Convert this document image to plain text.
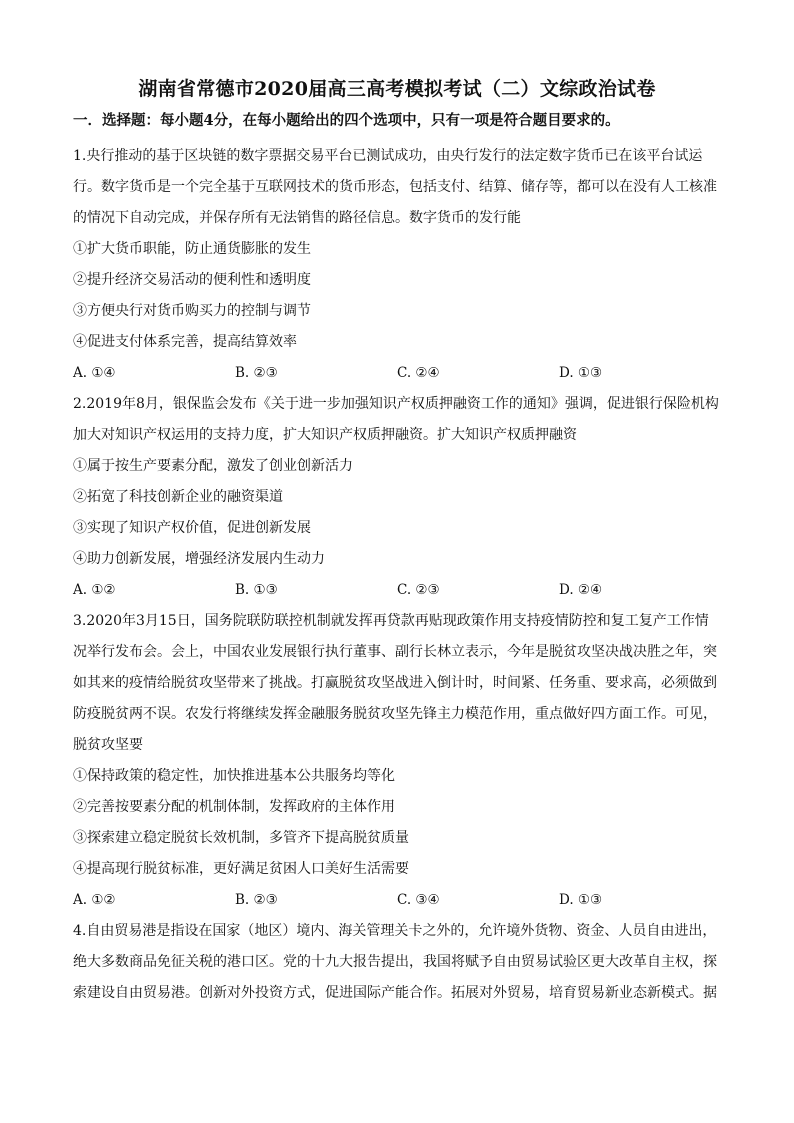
湖南省常德市2020届高三高考模拟考试（二）文综政治试卷

一．选择题：每小题4分，在每小题给出的四个选项中，只有一项是符合题目要求的。

1.央行推动的基于区块链的数字票据交易平台已测试成功，由央行发行的法定数字货币已在该平台试运

行。数字货币是一个完全基于互联网技术的货币形态，包括支付、结算、储存等，都可以在没有人工核准

的情况下自动完成，并保存所有无法销售的路径信息。数字货币的发行能

①扩大货币职能，防止通货膨胀的发生

②提升经济交易活动的便利性和透明度

③方便央行对货币购买力的控制与调节

④促进支付体系完善，提高结算效率

A. ①④	B. ②③	C. ②④	D. ①③

2.2019年8月，银保监会发布《关于进一步加强知识产权质押融资工作的通知》强调，促进银行保险机构

加大对知识产权运用的支持力度，扩大知识产权质押融资。扩大知识产权质押融资

①属于按生产要素分配，激发了创业创新活力

②拓宽了科技创新企业的融资渠道

③实现了知识产权价值，促进创新发展

④助力创新发展，增强经济发展内生动力

A. ①②	B. ①③	C. ②③	D. ②④

3.2020年3月15日，国务院联防联控机制就发挥再贷款再贴现政策作用支持疫情防控和复工复产工作情

况举行发布会。会上，中国农业发展银行执行董事、副行长林立表示，今年是脱贫攻坚决战决胜之年，突

如其来的疫情给脱贫攻坚带来了挑战。打赢脱贫攻坚战进入倒计时，时间紧、任务重、要求高，必须做到

防疫脱贫两不误。农发行将继续发挥金融服务脱贫攻坚先锋主力模范作用，重点做好四方面工作。可见，

脱贫攻坚要

①保持政策的稳定性，加快推进基本公共服务均等化

②完善按要素分配的机制体制，发挥政府的主体作用

③探索建立稳定脱贫长效机制，多管齐下提高脱贫质量

④提高现行脱贫标准，更好满足贫困人口美好生活需要

A. ①②	B. ②③	C. ③④	D. ①③

4.自由贸易港是指设在国家（地区）境内、海关管理关卡之外的，允许境外货物、资金、人员自由进出，

绝大多数商品免征关税的港口区。党的十九大报告提出，我国将赋予自由贸易试验区更大改革自主权，探

索建设自由贸易港。创新对外投资方式，促进国际产能合作。拓展对外贸易，培育贸易新业态新模式。据
